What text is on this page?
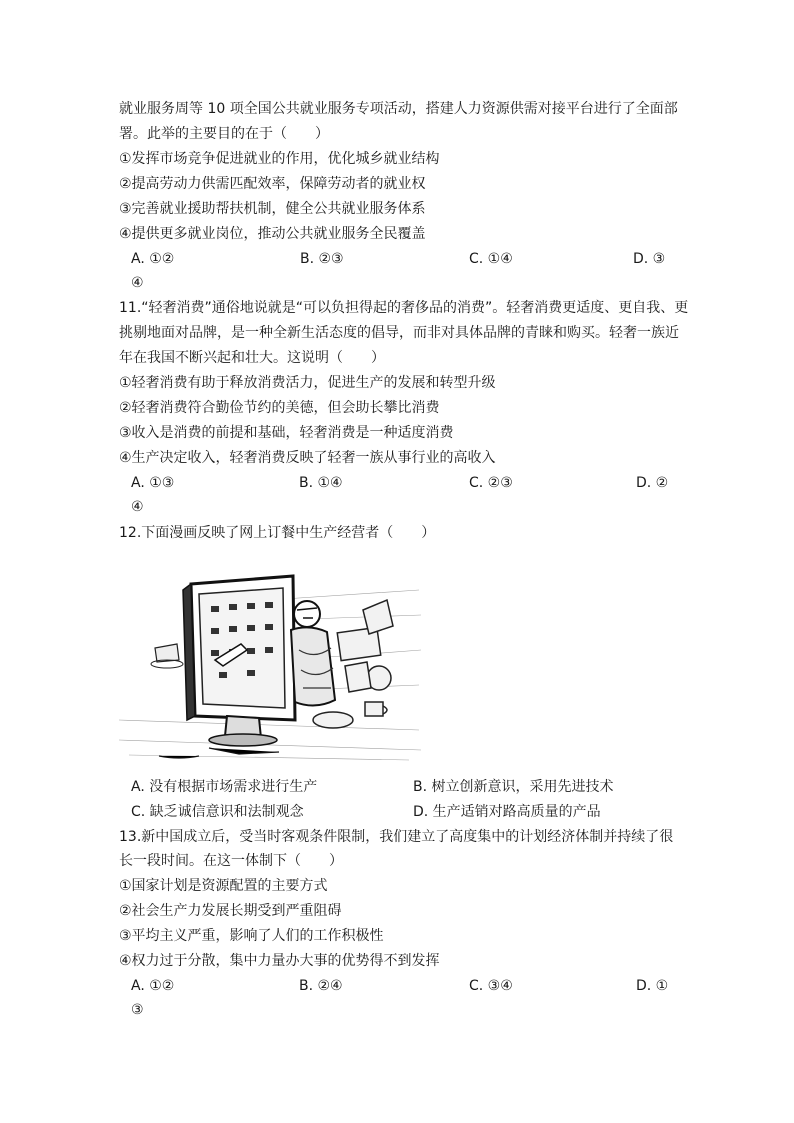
就业服务周等 10 项全国公共就业服务专项活动，搭建人力资源供需对接平台进行了全面部
署。此举的主要目的在于（　　）
①发挥市场竞争促进就业的作用，优化城乡就业结构
②提高劳动力供需匹配效率，保障劳动者的就业权
③完善就业援助帮扶机制，健全公共就业服务体系
④提供更多就业岗位，推动公共就业服务全民覆盖
A. ①②	B. ②③	C. ①④	D. ③
④
11.“轻奢消费”通俗地说就是“可以负担得起的奢侈品的消费”。轻奢消费更适度、更自我、更
挑剔地面对品牌，是一种全新生活态度的倡导，而非对具体品牌的青睐和购买。轻奢一族近
年在我国不断兴起和壮大。这说明（　　）
①轻奢消费有助于释放消费活力，促进生产的发展和转型升级
②轻奢消费符合勤俭节约的美德，但会助长攀比消费
③收入是消费的前提和基础，轻奢消费是一种适度消费
④生产决定收入，轻奢消费反映了轻奢一族从事行业的高收入
A. ①③	B. ①④	C. ②③	D. ②
④
12.下面漫画反映了网上订餐中生产经营者（　　）
A. 没有根据市场需求进行生产	B. 树立创新意识，采用先进技术
C. 缺乏诚信意识和法制观念	D. 生产适销对路高质量的产品
13.新中国成立后，受当时客观条件限制，我们建立了高度集中的计划经济体制并持续了很
长一段时间。在这一体制下（　　）
①国家计划是资源配置的主要方式
②社会生产力发展长期受到严重阻碍
③平均主义严重，影响了人们的工作积极性
④权力过于分散，集中力量办大事的优势得不到发挥
A. ①②	B. ②④	C. ③④	D. ①
③
